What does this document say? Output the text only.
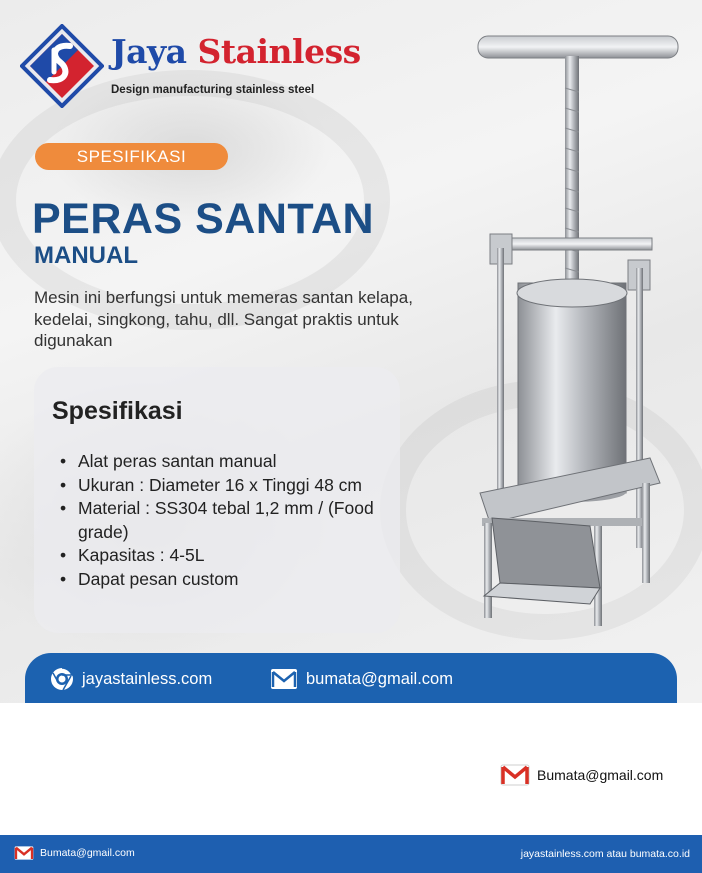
Jaya Stainless
Design manufacturing stainless steel
SPESIFIKASI
PERAS SANTAN
MANUAL
Mesin ini berfungsi untuk memeras santan kelapa, kedelai, singkong, tahu, dll. Sangat praktis untuk digunakan
Spesifikasi
• Alat peras santan manual
• Ukuran : Diameter 16 x Tinggi 48 cm
• Material : SS304 tebal 1,2 mm / (Food grade)
• Kapasitas : 4-5L
• Dapat pesan custom
jayastainless.com	bumata@gmail.com
Bumata@gmail.com
Bumata@gmail.com	jayastainless.com atau bumata.co.id
